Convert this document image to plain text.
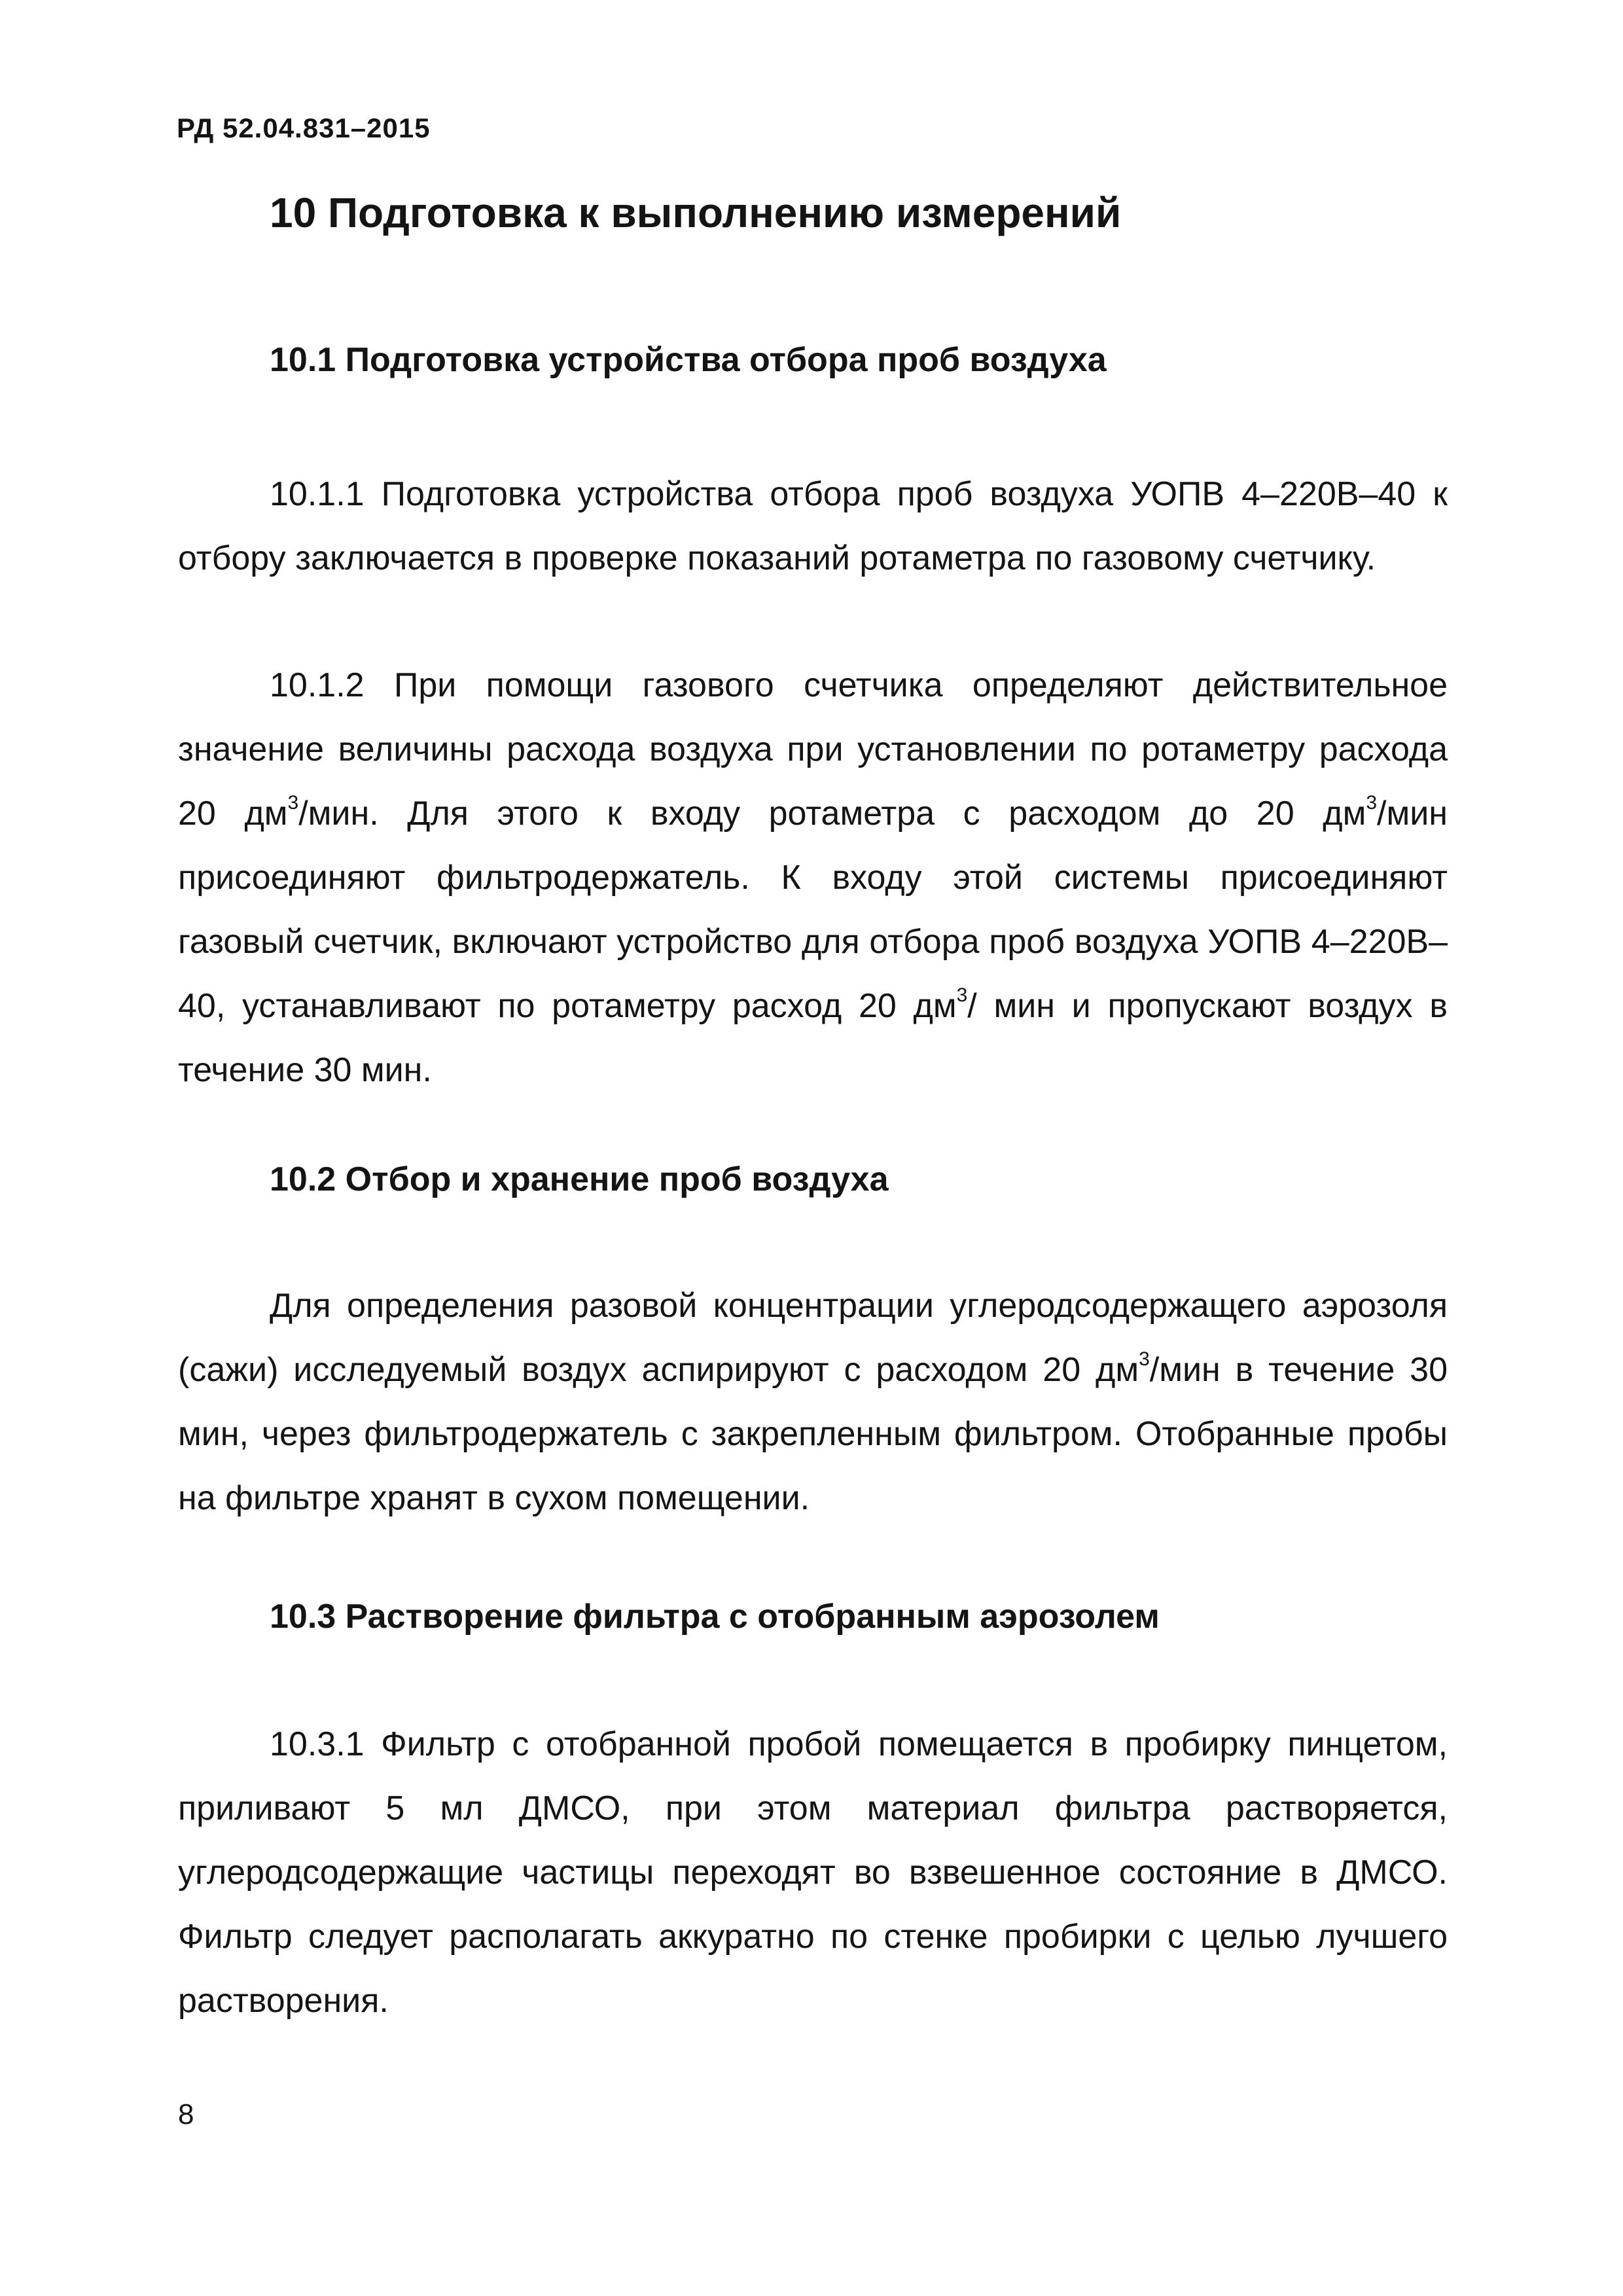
РД 52.04.831–2015
10 Подготовка к выполнению измерений
10.1 Подготовка устройства отбора проб воздуха

10.1.1 Подготовка устройства отбора проб воздуха УОПВ 4–220В–40 к отбору заключается в проверке показаний ротаметра по газовому счетчику.

10.1.2 При помощи газового счетчика определяют действительное значение величины расхода воздуха при установлении по ротаметру расхода 20 $дм^3$/мин. Для этого к входу ротаметра с расходом до 20 $дм^3$/мин присоединяют фильтродержатель. К входу этой системы присоединяют газовый счетчик, включают устройство для отбора проб воздуха УОПВ 4–220В–40, устанавливают по ротаметру расход 20 $дм^3/$ мин и пропускают воздух в течение 30 мин.

10.2 Отбор и хранение проб воздуха

Для определения разовой концентрации углеродсодержащего аэрозоля (сажи) исследуемый воздух аспирируют с расходом 20 $дм^3$/мин в течение 30 мин, через фильтродержатель с закрепленным фильтром. Отобранные пробы на фильтре хранят в сухом помещении.

10.3 Растворение фильтра с отобранным аэрозолем

10.3.1 Фильтр с отобранной пробой помещается в пробирку пинцетом, приливают 5 мл ДМСО, при этом материал фильтра растворяется, углеродсодержащие частицы переходят во взвешенное состояние в ДМСО. Фильтр следует располагать аккуратно по стенке пробирки с целью лучшего растворения.

8
